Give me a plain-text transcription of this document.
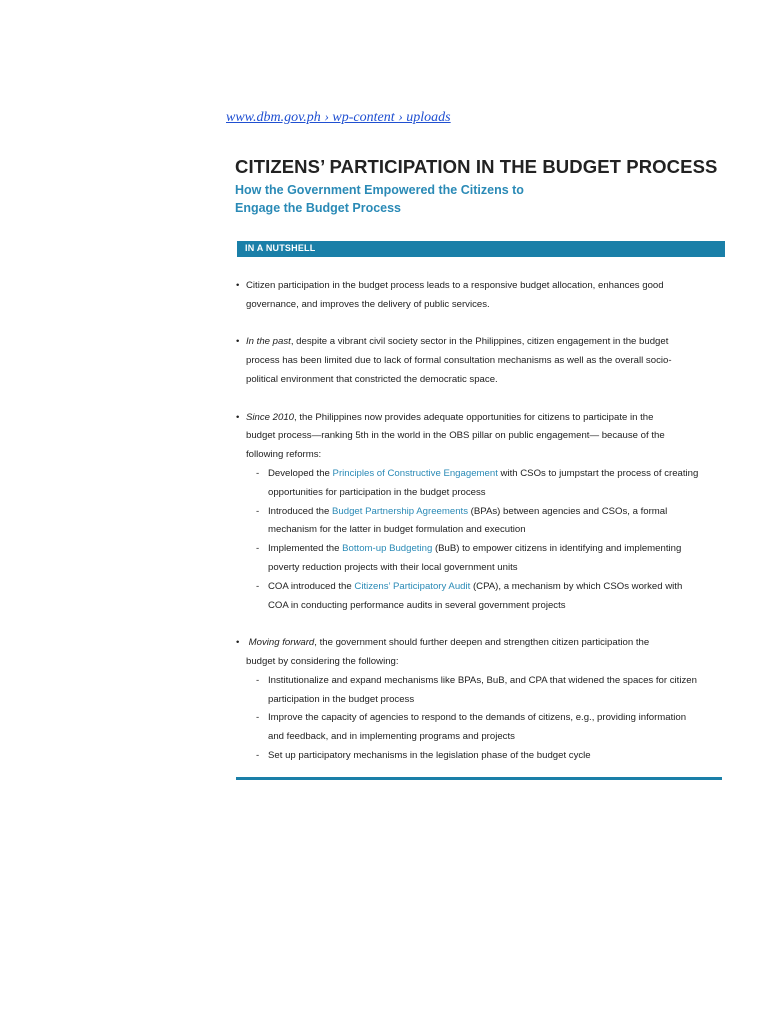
www.dbm.gov.ph › wp-content › uploads
CITIZENS’ PARTICIPATION IN THE BUDGET PROCESS
How the Government Empowered the Citizens to
Engage the Budget Process
IN A NUTSHELL
• Citizen participation in the budget process leads to a responsive budget allocation, enhances good
governance, and improves the delivery of public services.
• In the past, despite a vibrant civil society sector in the Philippines, citizen engagement in the budget
process has been limited due to lack of formal consultation mechanisms as well as the overall socio-
political environment that constricted the democratic space.
• Since 2010, the Philippines now provides adequate opportunities for citizens to participate in the
budget process—ranking 5th in the world in the OBS pillar on public engagement— because of the
following reforms:
- Developed the Principles of Constructive Engagement with CSOs to jumpstart the process of creating
opportunities for participation in the budget process
- Introduced the Budget Partnership Agreements (BPAs) between agencies and CSOs, a formal
mechanism for the latter in budget formulation and execution
- Implemented the Bottom-up Budgeting (BuB) to empower citizens in identifying and implementing
poverty reduction projects with their local government units
- COA introduced the Citizens’ Participatory Audit (CPA), a mechanism by which CSOs worked with
COA in conducting performance audits in several government projects
• Moving forward, the government should further deepen and strengthen citizen participation the
budget by considering the following:
- Institutionalize and expand mechanisms like BPAs, BuB, and CPA that widened the spaces for citizen
participation in the budget process
- Improve the capacity of agencies to respond to the demands of citizens, e.g., providing information
and feedback, and in implementing programs and projects
- Set up participatory mechanisms in the legislation phase of the budget cycle
